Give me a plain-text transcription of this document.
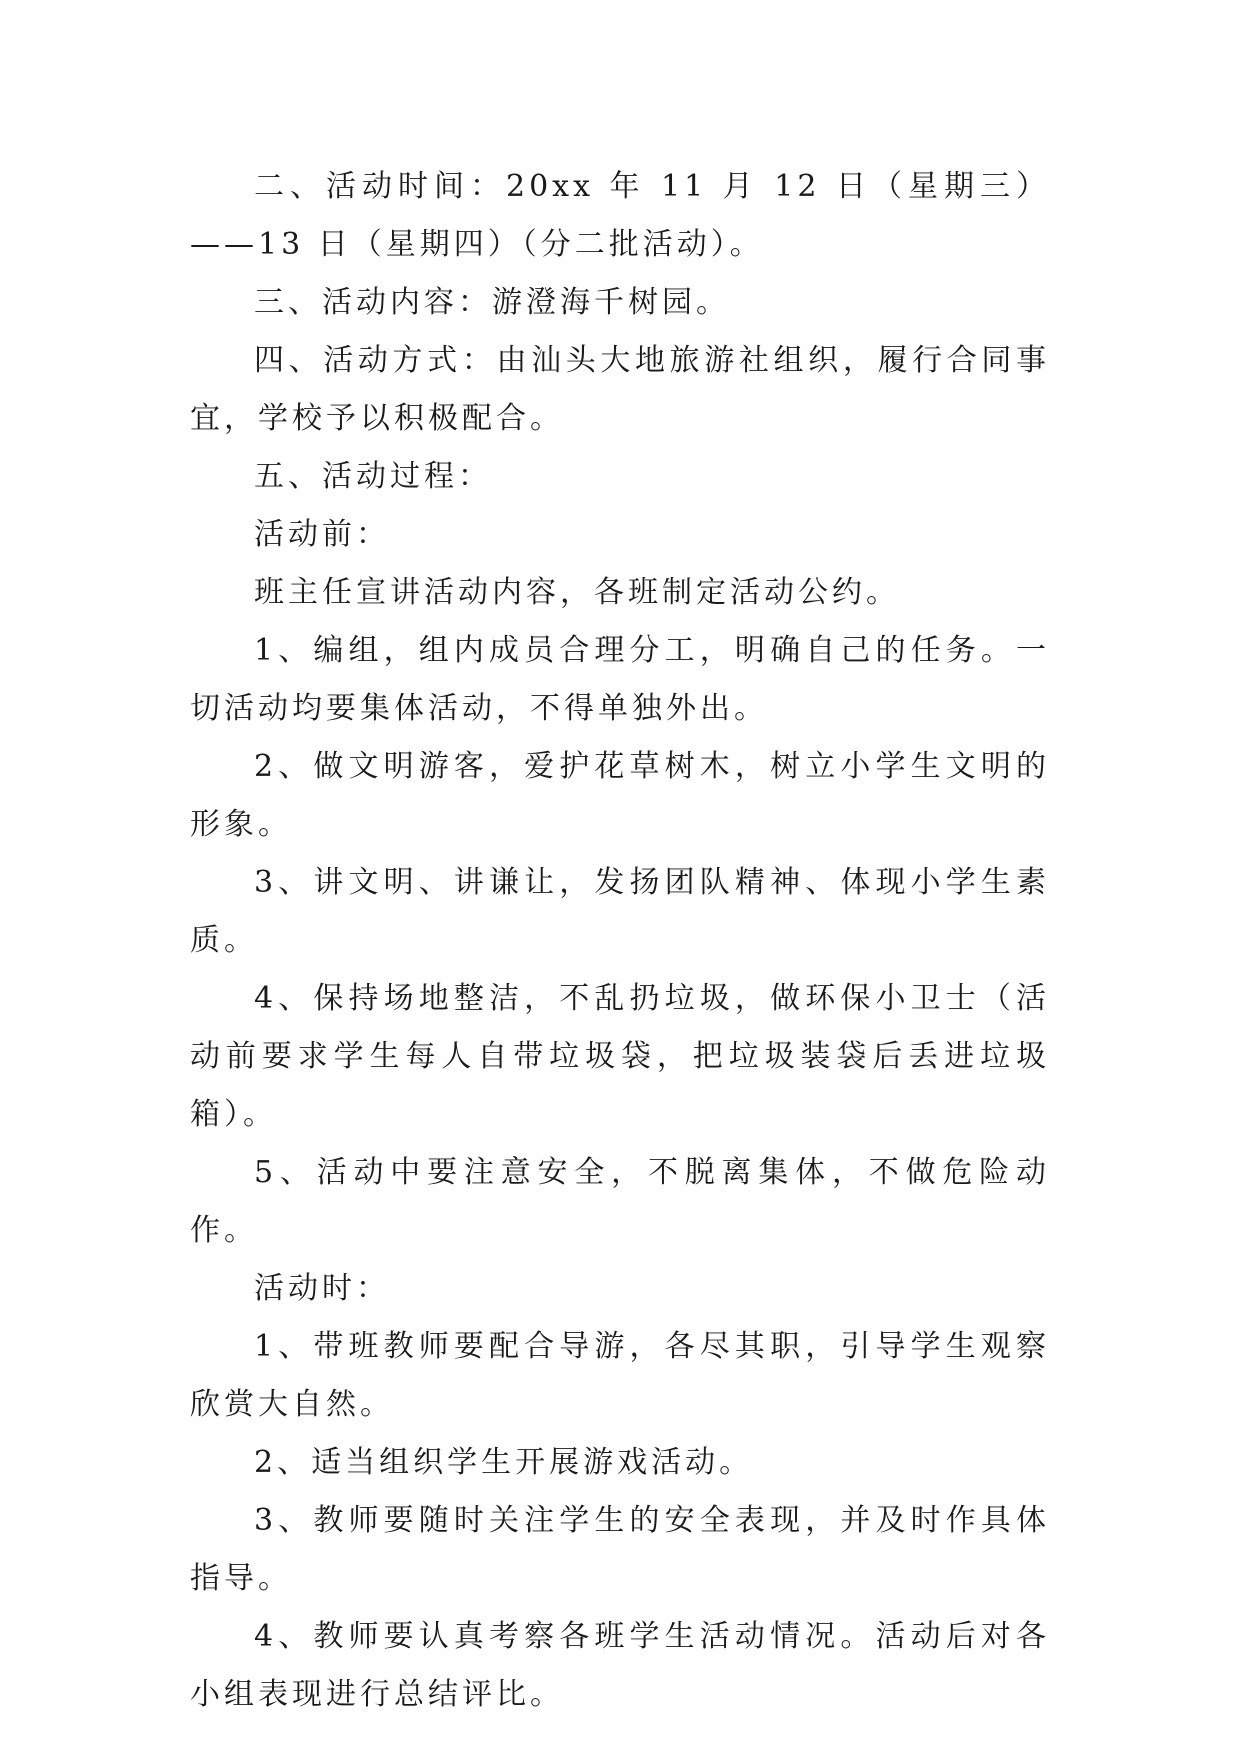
二、活动时间：20xx 年 11 月 12 日（星期三）——13 日（星期四）（分二批活动）。

三、活动内容：游澄海千树园。

四、活动方式：由汕头大地旅游社组织，履行合同事宜，学校予以积极配合。

五、活动过程：

活动前：

班主任宣讲活动内容，各班制定活动公约。

1、编组，组内成员合理分工，明确自己的任务。一切活动均要集体活动，不得单独外出。

2、做文明游客，爱护花草树木，树立小学生文明的形象。

3、讲文明、讲谦让，发扬团队精神、体现小学生素质。

4、保持场地整洁，不乱扔垃圾，做环保小卫士（活动前要求学生每人自带垃圾袋，把垃圾装袋后丢进垃圾箱）。

5、活动中要注意安全，不脱离集体，不做危险动作。

活动时：

1、带班教师要配合导游，各尽其职，引导学生观察欣赏大自然。

2、适当组织学生开展游戏活动。

3、教师要随时关注学生的安全表现，并及时作具体指导。

4、教师要认真考察各班学生活动情况。活动后对各小组表现进行总结评比。
